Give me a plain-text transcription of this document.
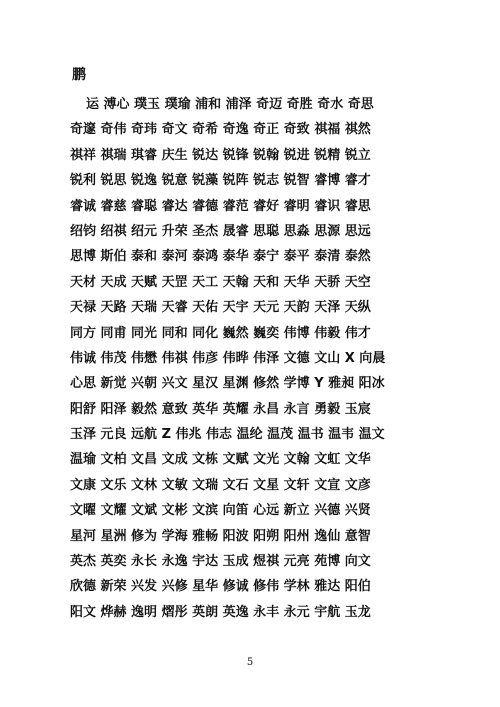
鹏
运 溥心 璞玉 璞瑜 浦和 浦泽 奇迈 奇胜 奇水 奇思
奇邃 奇伟 奇玮 奇文 奇希 奇逸 奇正 奇致 祺福 祺然
祺祥 祺瑞 琪睿 庆生 锐达 锐锋 锐翰 锐进 锐精 锐立
锐利 锐思 锐逸 锐意 锐藻 锐阵 锐志 锐智 睿博 睿才
睿诚 睿慈 睿聪 睿达 睿德 睿范 睿好 睿明 睿识 睿思
绍钧 绍祺 绍元 升荣 圣杰 晟睿 思聪 思淼 思源 思远
思博 斯伯 泰和 泰河 泰鸿 泰华 泰宁 泰平 泰清 泰然
天材 天成 天赋 天罡 天工 天翰 天和 天华 天骄 天空
天禄 天路 天瑞 天睿 天佑 天宇 天元 天韵 天泽 天纵
同方 同甫 同光 同和 同化 巍然 巍奕 伟博 伟毅 伟才
伟诚 伟茂 伟懋 伟祺 伟彦 伟晔 伟泽 文德 文山 X 向晨
心思 新觉 兴朝 兴文 星汉 星渊 修然 学博 Y 雅昶 阳冰
阳舒 阳泽 毅然 意致 英华 英耀 永昌 永言 勇毅 玉宸
玉泽 元良 远航 Z 伟兆 伟志 温纶 温茂 温书 温韦 温文
温瑜 文柏 文昌 文成 文栋 文赋 文光 文翰 文虹 文华
文康 文乐 文林 文敏 文瑞 文石 文星 文轩 文宣 文彦
文曜 文耀 文斌 文彬 文滨 向笛 心远 新立 兴德 兴贤
星河 星洲 修为 学海 雅畅 阳波 阳朔 阳州 逸仙 意智
英杰 英奕 永长 永逸 宇达 玉成 煜祺 元亮 苑博 向文
欣德 新荣 兴发 兴修 星华 修诚 修伟 学林 雅达 阳伯
阳文 烨赫 逸明 熠彤 英朗 英逸 永丰 永元 宇航 玉龙
5
